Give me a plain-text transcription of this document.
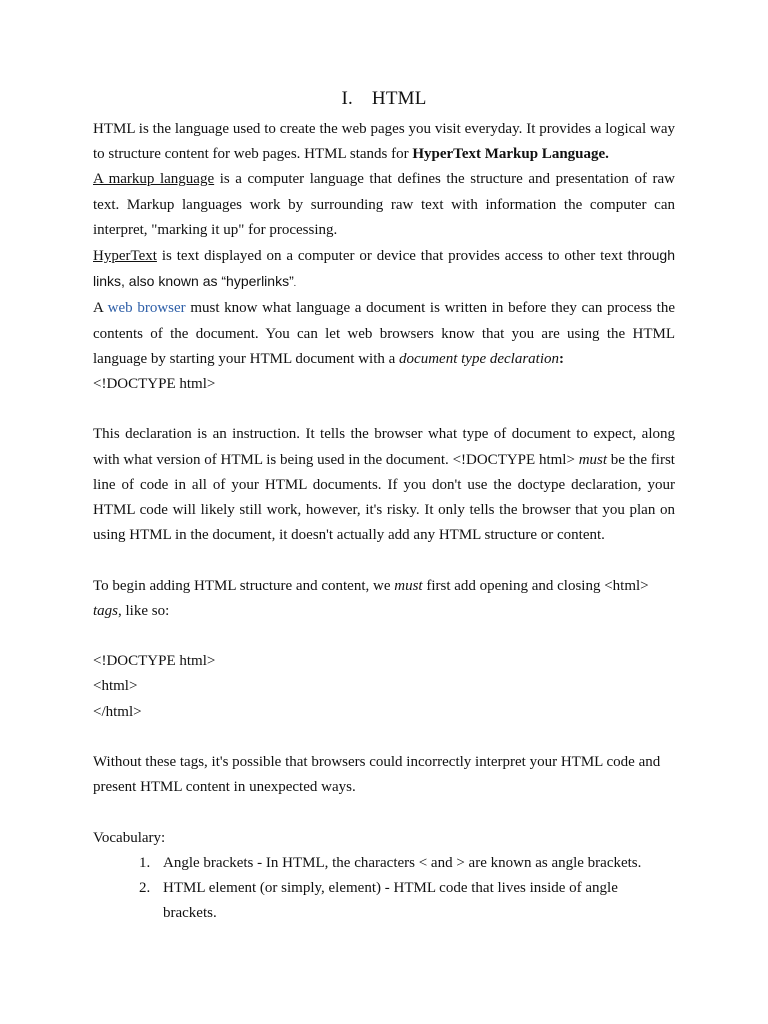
I. HTML

HTML is the language used to create the web pages you visit everyday. It provides a logical way to structure content for web pages. HTML stands for HyperText Markup Language.

A markup language is a computer language that defines the structure and presentation of raw text. Markup languages work by surrounding raw text with information the computer can interpret, "marking it up" for processing.

HyperText is text displayed on a computer or device that provides access to other text through links, also known as “hyperlinks”.

A web browser must know what language a document is written in before they can process the contents of the document. You can let web browsers know that you are using the HTML language by starting your HTML document with a document type declaration:

<!DOCTYPE html>

This declaration is an instruction. It tells the browser what type of document to expect, along with what version of HTML is being used in the document. <!DOCTYPE html> must be the first line of code in all of your HTML documents. If you don't use the doctype declaration, your HTML code will likely still work, however, it's risky. It only tells the browser that you plan on using HTML in the document, it doesn't actually add any HTML structure or content.

To begin adding HTML structure and content, we must first add opening and closing <html> tags, like so:

<!DOCTYPE html>

<html>

</html>

Without these tags, it's possible that browsers could incorrectly interpret your HTML code and present HTML content in unexpected ways.

Vocabulary:

1. Angle brackets - In HTML, the characters < and > are known as angle brackets.
2. HTML element (or simply, element) - HTML code that lives inside of angle brackets.
